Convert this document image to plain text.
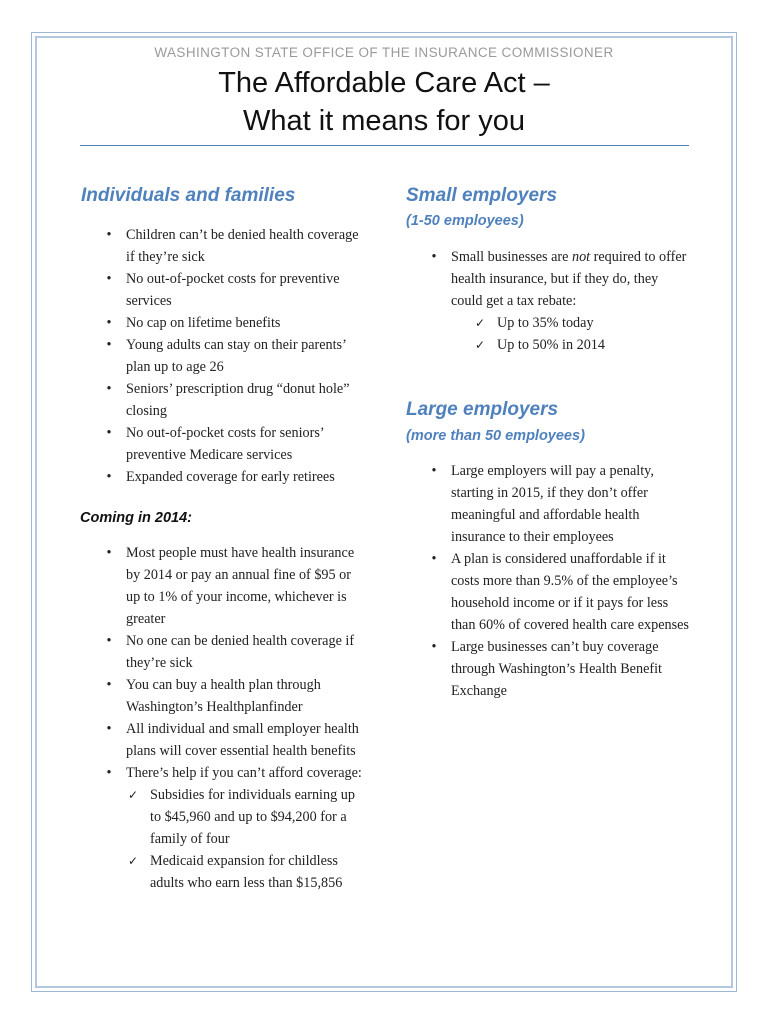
WASHINGTON STATE OFFICE OF THE INSURANCE COMMISSIONER
The Affordable Care Act –
What it means for you
Individuals and families
• Children can’t be denied health coverage if they’re sick
• No out-of-pocket costs for preventive services
• No cap on lifetime benefits
• Young adults can stay on their parents’ plan up to age 26
• Seniors’ prescription drug “donut hole” closing
• No out-of-pocket costs for seniors’ preventive Medicare services
• Expanded coverage for early retirees
Coming in 2014:
• Most people must have health insurance by 2014 or pay an annual fine of $95 or up to 1% of your income, whichever is greater
• No one can be denied health coverage if they’re sick
• You can buy a health plan through Washington’s Healthplanfinder
• All individual and small employer health plans will cover essential health benefits
• There’s help if you can’t afford coverage:
✓ Subsidies for individuals earning up to $45,960 and up to $94,200 for a family of four
✓ Medicaid expansion for childless adults who earn less than $15,856
Small employers
(1-50 employees)
• Small businesses are not required to offer health insurance, but if they do, they could get a tax rebate:
✓ Up to 35% today
✓ Up to 50% in 2014
Large employers
(more than 50 employees)
• Large employers will pay a penalty, starting in 2015, if they don’t offer meaningful and affordable health insurance to their employees
• A plan is considered unaffordable if it costs more than 9.5% of the employee’s household income or if it pays for less than 60% of covered health care expenses
• Large businesses can’t buy coverage through Washington’s Health Benefit Exchange
